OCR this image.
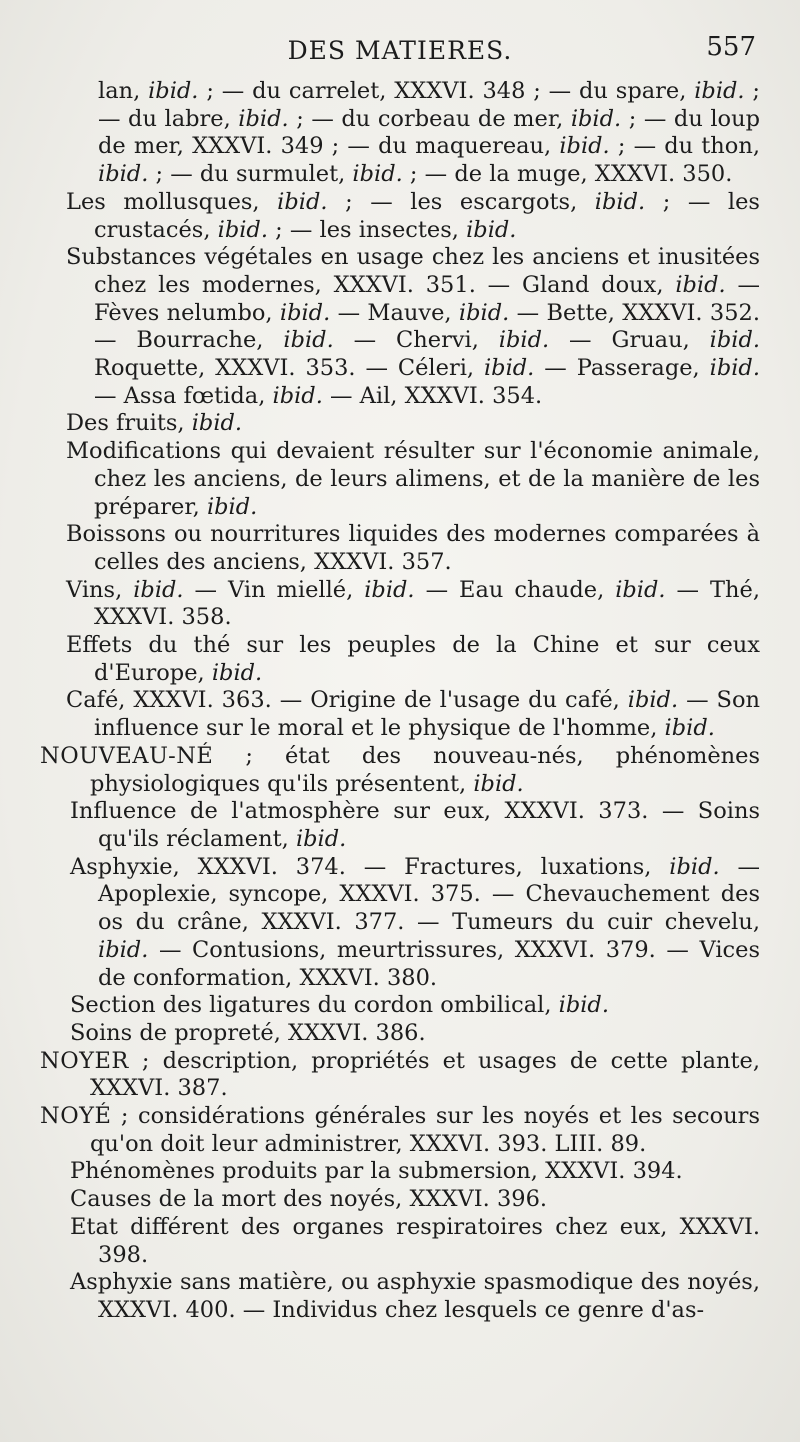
DES MATIERES.	557

lan, ibid. ; — du carrelet, XXXVI. 348 ; — du spare, ibid. ; — du labre, ibid. ; — du corbeau de mer, ibid. ; — du loup de mer, XXXVI. 349 ; — du maquereau, ibid. ; — du thon, ibid. ; — du surmulet, ibid. ; — de la muge, XXXVI. 350.

Les mollusques, ibid. ; — les escargots, ibid. ; — les crustacés, ibid. ; — les insectes, ibid.

Substances végétales en usage chez les anciens et inusitées chez les modernes, XXXVI. 351. — Gland doux, ibid. — Fèves nelumbo, ibid. — Mauve, ibid. — Bette, XXXVI. 352. — Bourrache, ibid. — Chervi, ibid. — Gruau, ibid. Roquette, XXXVI. 353. — Céleri, ibid. — Passerage, ibid. — Assa fœtida, ibid. — Ail, XXXVI. 354.

Des fruits, ibid.

Modifications qui devaient résulter sur l'économie animale, chez les anciens, de leurs alimens, et de la manière de les préparer, ibid.

Boissons ou nourritures liquides des modernes comparées à celles des anciens, XXXVI. 357.

Vins, ibid. — Vin miellé, ibid. — Eau chaude, ibid. — Thé, XXXVI. 358.

Effets du thé sur les peuples de la Chine et sur ceux d'Europe, ibid.

Café, XXXVI. 363. — Origine de l'usage du café, ibid. — Son influence sur le moral et le physique de l'homme, ibid.

NOUVEAU-NÉ ; état des nouveau-nés, phénomènes physiologiques qu'ils présentent, ibid.

Influence de l'atmosphère sur eux, XXXVI. 373. — Soins qu'ils réclament, ibid.

Asphyxie, XXXVI. 374. — Fractures, luxations, ibid. — Apoplexie, syncope, XXXVI. 375. — Chevauchement des os du crâne, XXXVI. 377. — Tumeurs du cuir chevelu, ibid. — Contusions, meurtrissures, XXXVI. 379. — Vices de conformation, XXXVI. 380.

Section des ligatures du cordon ombilical, ibid.

Soins de propreté, XXXVI. 386.

NOYER ; description, propriétés et usages de cette plante, XXXVI. 387.

NOYÉ ; considérations générales sur les noyés et les secours qu'on doit leur administrer, XXXVI. 393. LIII. 89.

Phénomènes produits par la submersion, XXXVI. 394.

Causes de la mort des noyés, XXXVI. 396.

Etat différent des organes respiratoires chez eux, XXXVI. 398.

Asphyxie sans matière, ou asphyxie spasmodique des noyés, XXXVI. 400. — Individus chez lesquels ce genre d'as-
